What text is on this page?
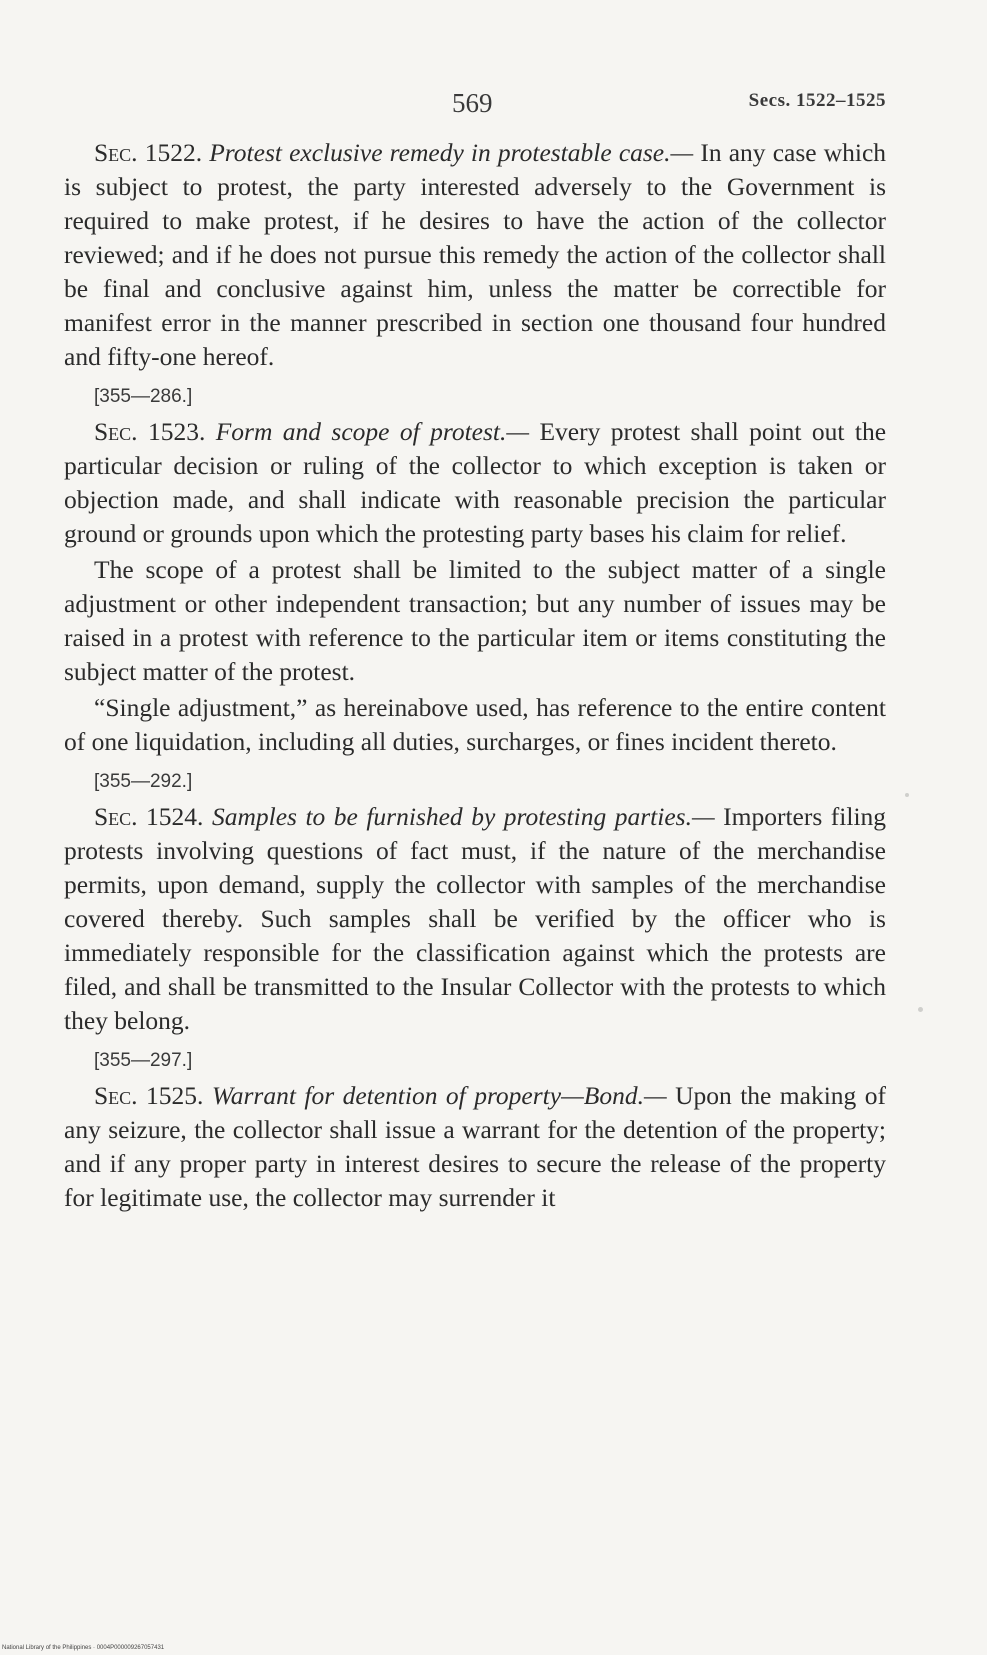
569	Secs. 1522–1525

Sec. 1522. Protest exclusive remedy in protestable case.— In any case which is subject to protest, the party interested adversely to the Government is required to make protest, if he desires to have the action of the collector reviewed; and if he does not pursue this remedy the action of the collector shall be final and conclusive against him, unless the matter be correctible for manifest error in the manner prescribed in section one thousand four hundred and fifty-one hereof.

[355—286.]

Sec. 1523. Form and scope of protest.— Every protest shall point out the particular decision or ruling of the collector to which exception is taken or objection made, and shall indicate with reasonable precision the particular ground or grounds upon which the protesting party bases his claim for relief.

The scope of a protest shall be limited to the subject matter of a single adjustment or other independent transaction; but any number of issues may be raised in a protest with reference to the particular item or items constituting the subject matter of the protest.

“Single adjustment,” as hereinabove used, has reference to the entire content of one liquidation, including all duties, surcharges, or fines incident thereto.

[355—292.]

Sec. 1524. Samples to be furnished by protesting parties.— Importers filing protests involving questions of fact must, if the nature of the merchandise permits, upon demand, supply the collector with samples of the merchandise covered thereby. Such samples shall be verified by the officer who is immediately responsible for the classification against which the protests are filed, and shall be transmitted to the Insular Collector with the protests to which they belong.

[355—297.]

Sec. 1525. Warrant for detention of property—Bond.— Upon the making of any seizure, the collector shall issue a warrant for the detention of the property; and if any proper party in interest desires to secure the release of the property for legitimate use, the collector may surrender it

National Library of the Philippines · 0004P000009267057431
